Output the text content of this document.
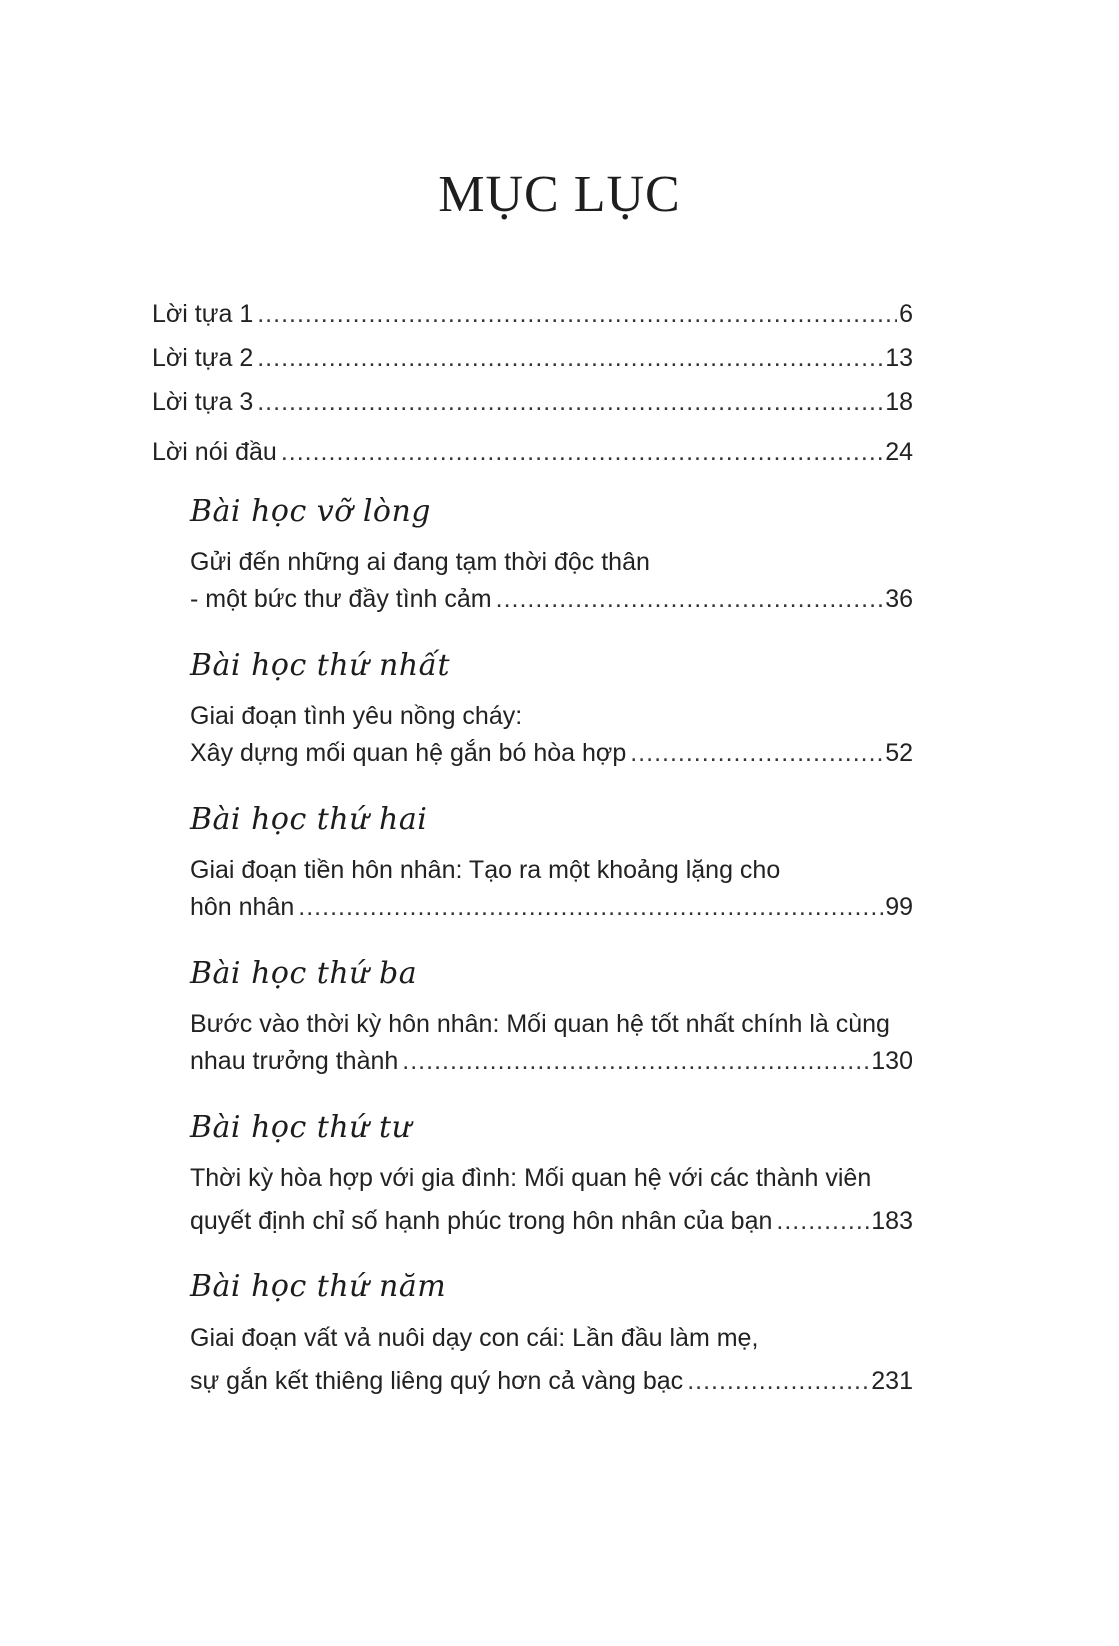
MỤC LỤC
Lời tựa 1 .....	6
Lời tựa 2 .....	13
Lời tựa 3 .....	18
Lời nói đầu .....	24
Bài học vỡ lòng
Gửi đến những ai đang tạm thời độc thân
- một bức thư đầy tình cảm .....	36
Bài học thứ nhất
Giai đoạn tình yêu nồng cháy:
Xây dựng mối quan hệ gắn bó hòa hợp .....	52
Bài học thứ hai
Giai đoạn tiền hôn nhân: Tạo ra một khoảng lặng cho
hôn nhân .....	99
Bài học thứ ba
Bước vào thời kỳ hôn nhân: Mối quan hệ tốt nhất chính là cùng
nhau trưởng thành .....	130
Bài học thứ tư
Thời kỳ hòa hợp với gia đình: Mối quan hệ với các thành viên
quyết định chỉ số hạnh phúc trong hôn nhân của bạn .....	183
Bài học thứ năm
Giai đoạn vất vả nuôi dạy con cái: Lần đầu làm mẹ,
sự gắn kết thiêng liêng quý hơn cả vàng bạc .....	231
